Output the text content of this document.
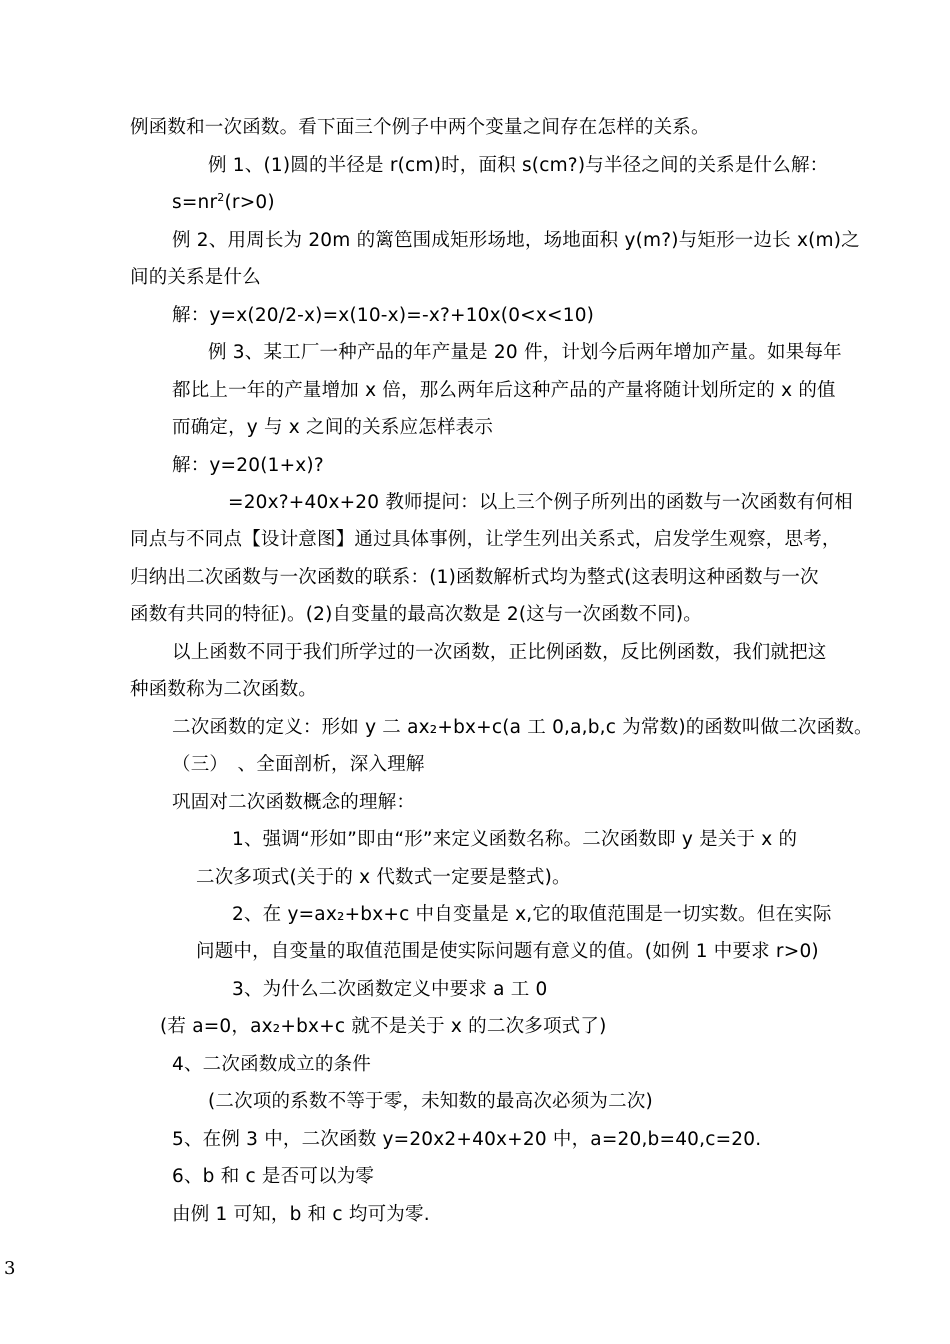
例函数和一次函数。看下面三个例子中两个变量之间存在怎样的关系。
例 1、(1)圆的半径是 r(cm)时，面积 s(cm?)与半径之间的关系是什么解：
$s=nr^2(r>0)$
例 2、用周长为 20m 的篱笆围成矩形场地，场地面积 y(m?)与矩形一边长 x(m)之
间的关系是什么
解：y=x(20/2-x)=x(10-x)=-x?+10x(0<x<10)
例 3、某工厂一种产品的年产量是 20 件，计划今后两年增加产量。如果每年
都比上一年的产量增加 x 倍，那么两年后这种产品的产量将随计划所定的 x 的值
而确定，y 与 x 之间的关系应怎样表示
解：y=20(1+x)?
=20x?+40x+20 教师提问：以上三个例子所列出的函数与一次函数有何相
同点与不同点【设计意图】通过具体事例，让学生列出关系式，启发学生观察，思考，
归纳出二次函数与一次函数的联系：(1)函数解析式均为整式(这表明这种函数与一次
函数有共同的特征)。(2)自变量的最高次数是 2(这与一次函数不同)。
以上函数不同于我们所学过的一次函数，正比例函数，反比例函数，我们就把这
种函数称为二次函数。
二次函数的定义：形如 y 二 ax₂+bx+c(a 工 0,a,b,c 为常数)的函数叫做二次函数。
（三）　、全面剖析，深入理解
巩固对二次函数概念的理解：
1、强调“形如”即由“形”来定义函数名称。二次函数即 y 是关于 x 的
二次多项式(关于的 x 代数式一定要是整式)。
2、在 y=ax₂+bx+c 中自变量是 x,它的取值范围是一切实数。但在实际
问题中，自变量的取值范围是使实际问题有意义的值。(如例 1 中要求 r>0)
3、为什么二次函数定义中要求 a 工 0
(若 a=0，ax₂+bx+c 就不是关于 x 的二次多项式了)
4、二次函数成立的条件
(二次项的系数不等于零，未知数的最高次必须为二次)
5、在例 3 中，二次函数 y=20x2+40x+20 中，a=20,b=40,c=20.
6、b 和 c 是否可以为零
由例 1 可知，b 和 c 均可为零.
3
